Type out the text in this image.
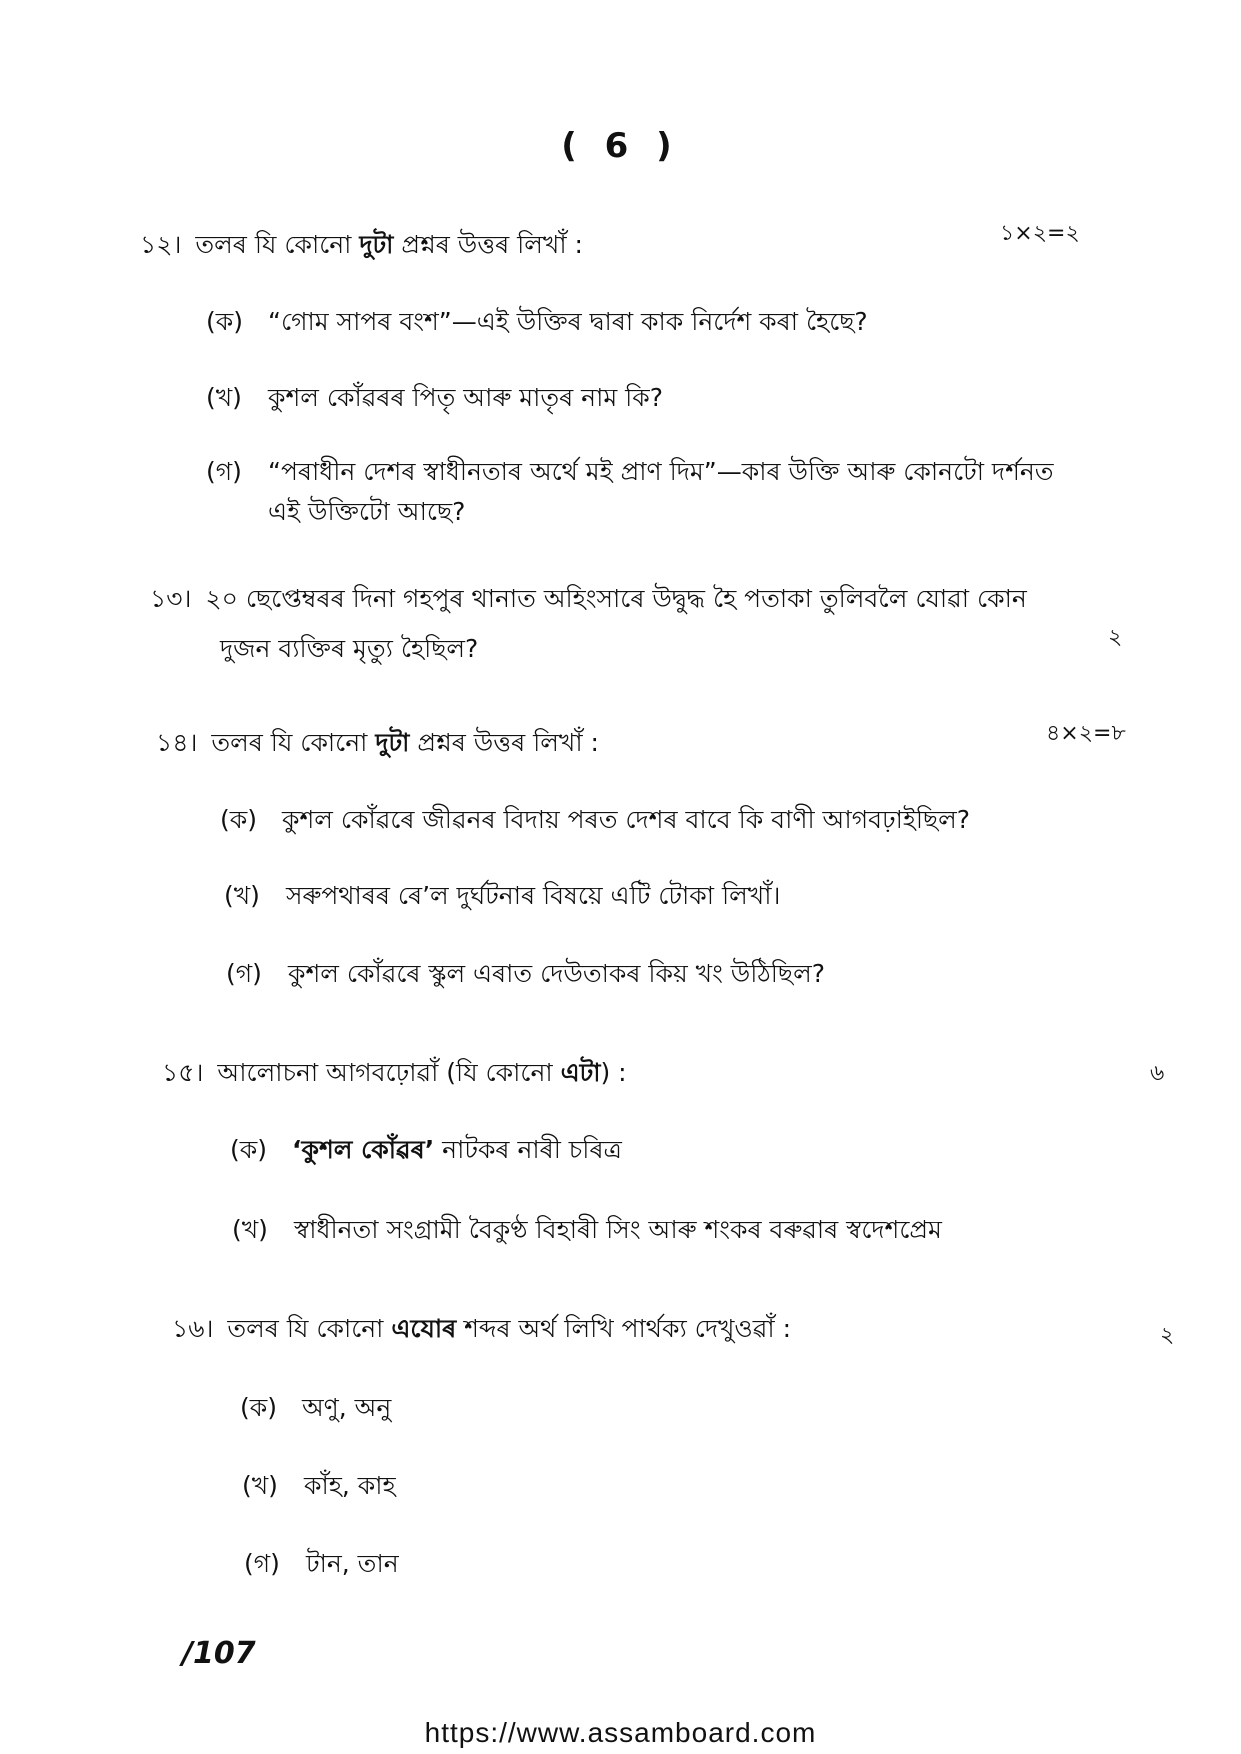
( 6 )
১২। তলৰ যি কোনো দুটা প্ৰশ্নৰ উত্তৰ লিখাঁ :	১×২=২
(ক) “গোম সাপৰ বংশ”—এই উক্তিৰ দ্বাৰা কাক নিৰ্দেশ কৰা হৈছে?
(খ) কুশল কোঁৱৰৰ পিতৃ আৰু মাতৃৰ নাম কি?
(গ) “পৰাধীন দেশৰ স্বাধীনতাৰ অৰ্থে মই প্ৰাণ দিম”—কাৰ উক্তি আৰু কোনটো দৰ্শনত এই উক্তিটো আছে?
১৩। ২০ ছেপ্তেম্বৰৰ দিনা গহপুৰ থানাত অহিংসাৰে উদ্বুদ্ধ হৈ পতাকা তুলিবলৈ যোৱা কোন
দুজন ব্যক্তিৰ মৃত্যু হৈছিল?	২
১৪। তলৰ যি কোনো দুটা প্ৰশ্নৰ উত্তৰ লিখাঁ :	৪×২=৮
(ক) কুশল কোঁৱৰে জীৱনৰ বিদায় পৰত দেশৰ বাবে কি বাণী আগবঢ়াইছিল?
(খ) সৰুপথাৰৰ ৰে’ল দুৰ্ঘটনাৰ বিষয়ে এটি টোকা লিখাঁ।
(গ) কুশল কোঁৱৰে স্কুল এৰাত দেউতাকৰ কিয় খং উঠিছিল?
১৫। আলোচনা আগবঢ়োৱাঁ (যি কোনো এটা) :	৬
(ক) ‘কুশল কোঁৱৰ’ নাটকৰ নাৰী চৰিত্ৰ
(খ) স্বাধীনতা সংগ্ৰামী বৈকুণ্ঠ বিহাৰী সিং আৰু শংকৰ বৰুৱাৰ স্বদেশপ্ৰেম
১৬। তলৰ যি কোনো এযোৰ শব্দৰ অৰ্থ লিখি পাৰ্থক্য দেখুওৱাঁ :	২
(ক) অণু, অনু
(খ) কাঁহ, কাহ
(গ) টান, তান
/107
https://www.assamboard.com
